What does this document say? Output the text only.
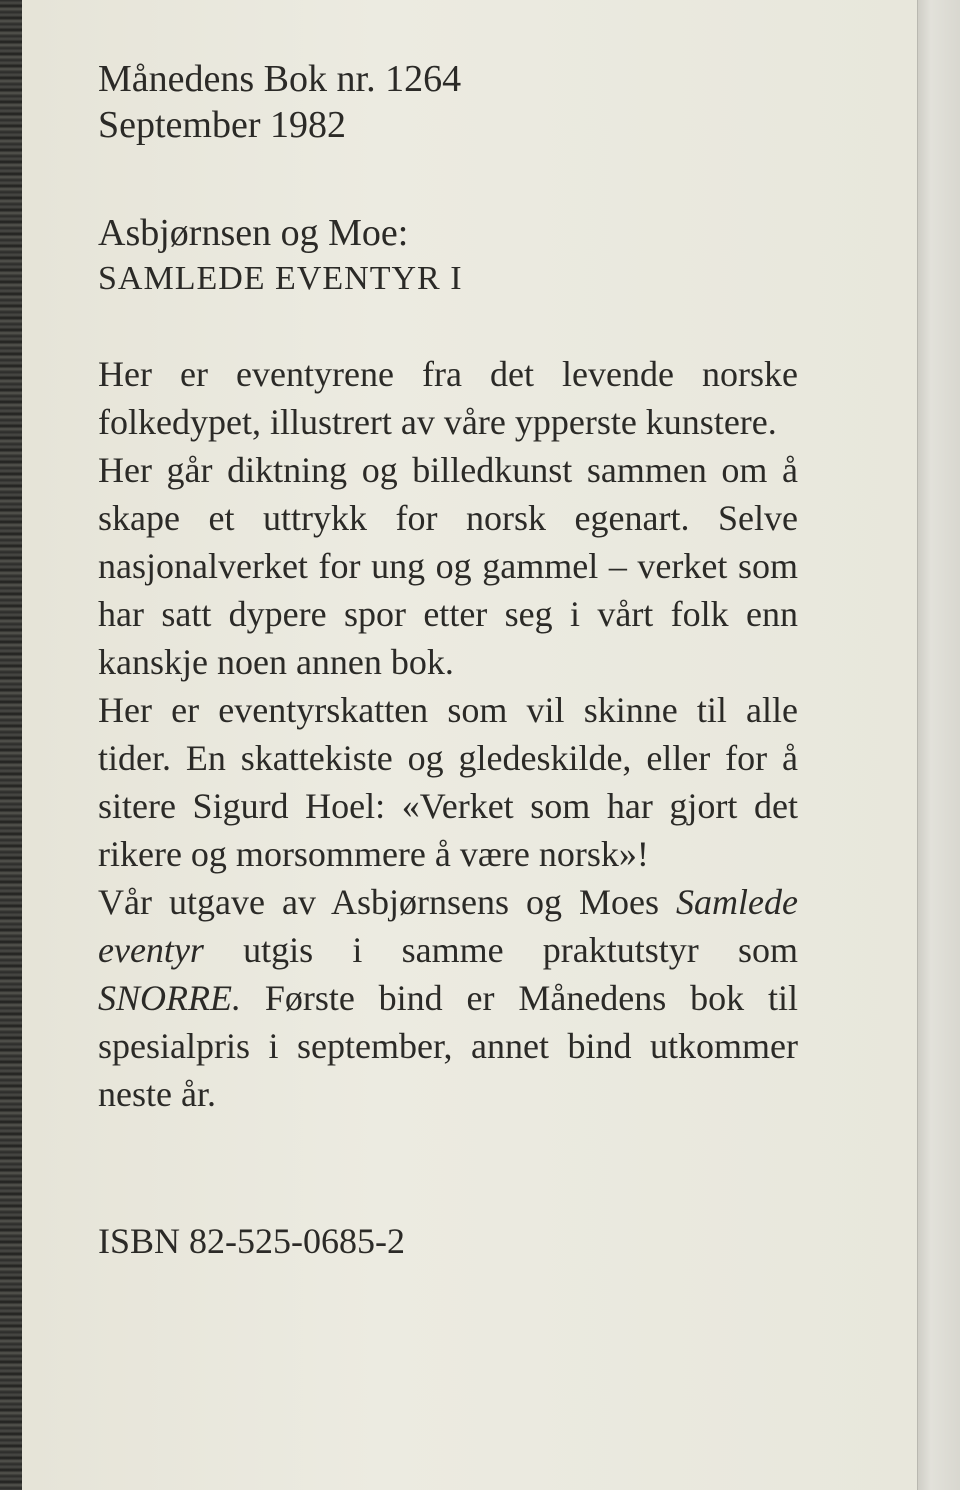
Månedens Bok nr. 1264
September 1982
Asbjørnsen og Moe:
SAMLEDE EVENTYR I

Her er eventyrene fra det levende norske folkedypet, illustrert av våre ypperste kunstere.

Her går diktning og billedkunst sammen om å skape et uttrykk for norsk egenart. Selve nasjonalverket for ung og gammel – verket som har satt dypere spor etter seg i vårt folk enn kanskje noen annen bok.

Her er eventyrskatten som vil skinne til alle tider. En skattekiste og gledeskilde, eller for å sitere Sigurd Hoel: «Verket som har gjort det rikere og morsommere å være norsk»!

Vår utgave av Asbjørnsens og Moes Samlede eventyr utgis i samme praktutstyr som SNORRE. Første bind er Månedens bok til spesialpris i september, annet bind utkommer neste år.

ISBN 82-525-0685-2
